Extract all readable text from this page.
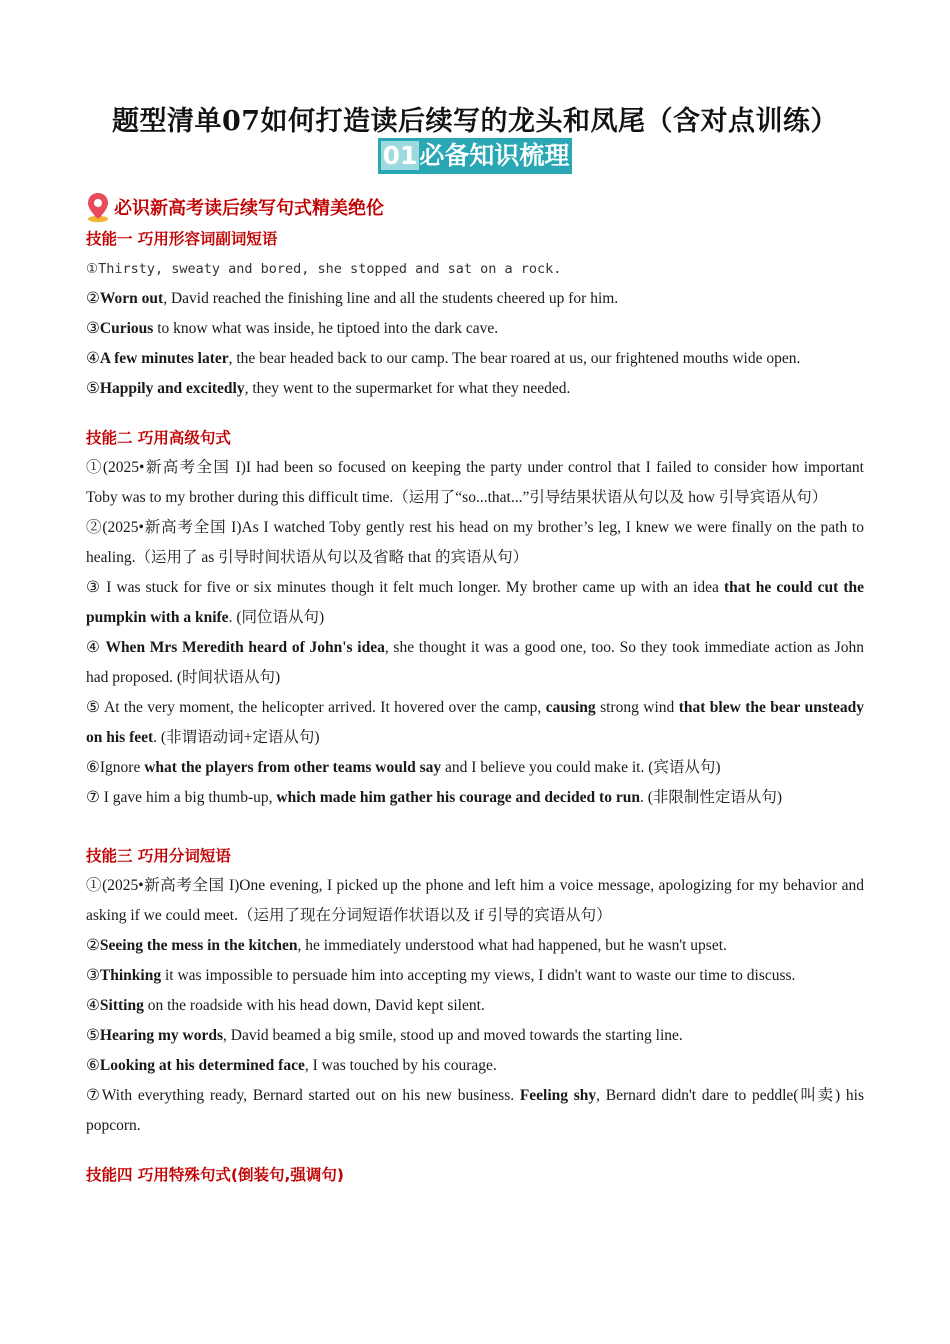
题型清单07如何打造读后续写的龙头和凤尾（含对点训练）
01必备知识梳理
必识新高考读后续写句式精美绝伦

技能一 巧用形容词副词短语

①Thirsty, sweaty and bored, she stopped and sat on a rock.

②Worn out, David reached the finishing line and all the students cheered up for him.

③Curious to know what was inside, he tiptoed into the dark cave.

④A few minutes later, the bear headed back to our camp. The bear roared at us, our frightened mouths wide open.

⑤Happily and excitedly, they went to the supermarket for what they needed.

技能二 巧用高级句式

①(2025•新高考全国 I)I had been so focused on keeping the party under control that I failed to consider how important Toby was to my brother during this difficult time.（运用了“so...that...”引导结果状语从句以及 how 引导宾语从句）

②(2025•新高考全国 I)As I watched Toby gently rest his head on my brother’s leg, I knew we were finally on the path to healing.（运用了 as 引导时间状语从句以及省略 that 的宾语从句）

③ I was stuck for five or six minutes though it felt much longer. My brother came up with an idea that he could cut the pumpkin with a knife. (同位语从句)

④ When Mrs Meredith heard of John's idea, she thought it was a good one, too. So they took immediate action as John had proposed. (时间状语从句)

⑤ At the very moment, the helicopter arrived. It hovered over the camp, causing strong wind that blew the bear unsteady on his feet. (非谓语动词+定语从句)

⑥Ignore what the players from other teams would say and I believe you could make it. (宾语从句)

⑦ I gave him a big thumb-up, which made him gather his courage and decided to run. (非限制性定语从句)

技能三 巧用分词短语

①(2025•新高考全国 I)One evening, I picked up the phone and left him a voice message, apologizing for my behavior and asking if we could meet.（运用了现在分词短语作状语以及 if 引导的宾语从句）

②Seeing the mess in the kitchen, he immediately understood what had happened, but he wasn't upset.

③Thinking it was impossible to persuade him into accepting my views, I didn't want to waste our time to discuss.

④Sitting on the roadside with his head down, David kept silent.

⑤Hearing my words, David beamed a big smile, stood up and moved towards the starting line.

⑥Looking at his determined face, I was touched by his courage.

⑦With everything ready, Bernard started out on his new business. Feeling shy, Bernard didn't dare to peddle(叫卖) his popcorn.

技能四 巧用特殊句式(倒装句,强调句)
